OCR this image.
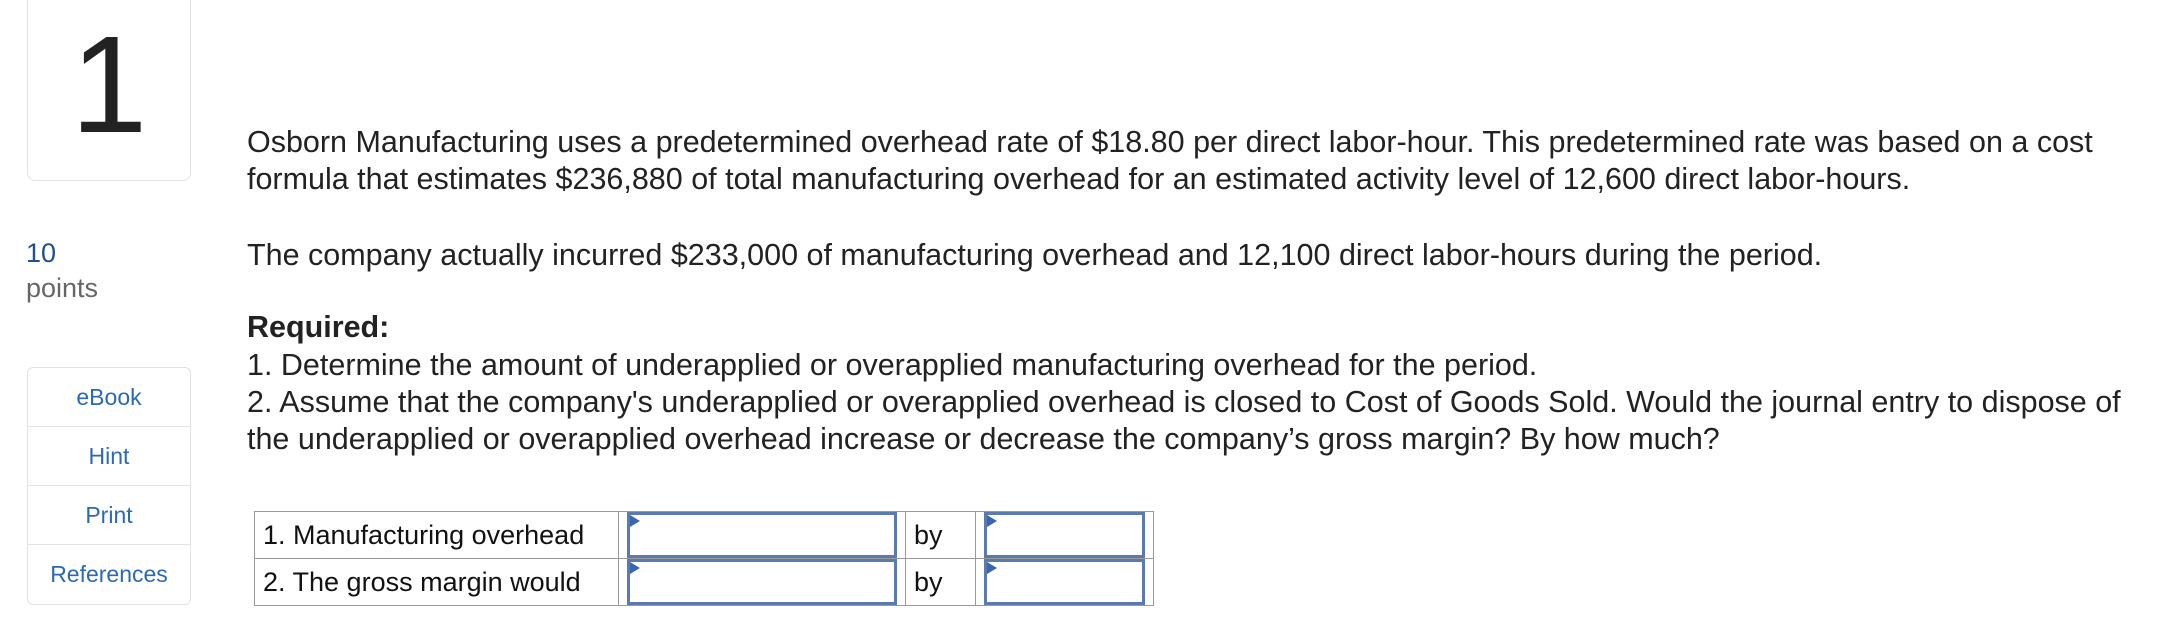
1
10
points
eBook
Hint
Print
References

Osborn Manufacturing uses a predetermined overhead rate of $18.80 per direct labor-hour. This predetermined rate was based on a cost formula that estimates $236,880 of total manufacturing overhead for an estimated activity level of 12,600 direct labor-hours.

The company actually incurred $233,000 of manufacturing overhead and 12,100 direct labor-hours during the period.

Required:

1. Determine the amount of underapplied or overapplied manufacturing overhead for the period.

2. Assume that the company's underapplied or overapplied overhead is closed to Cost of Goods Sold. Would the journal entry to dispose of the underapplied or overapplied overhead increase or decrease the company’s gross margin? By how much?

1. Manufacturing overhead		by	

2. The gross margin would		by	
